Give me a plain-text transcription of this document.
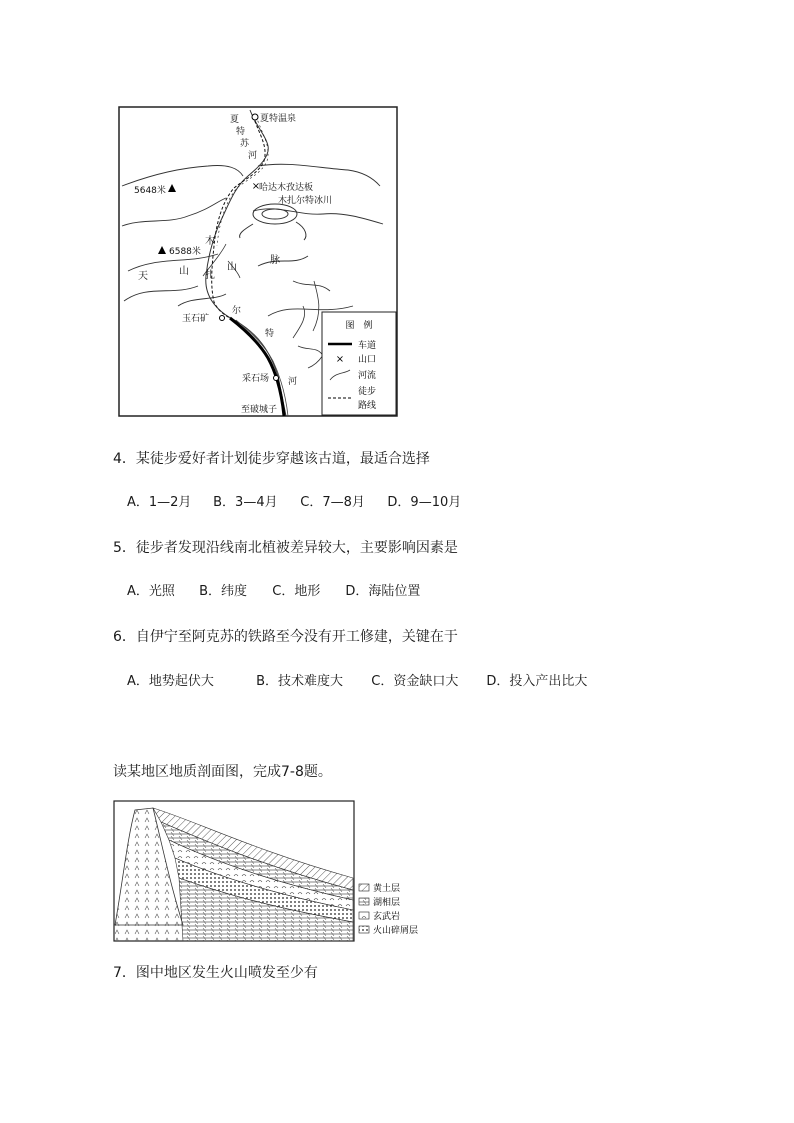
×
夏特温泉
哈达木孜达板
木扎尔特冰川
5648米
6588米
玉石矿
采石场
至破城子
夏
特
苏
河
尔
特
河
天	山
木
扎
山
脉
图　例
车道
× 山口
河流
徒步
路线
4．某徒步爱好者计划徒步穿越该古道，最适合选择
A．1—2月 B．3—4月 C．7—8月 D．9—10月
5．徒步者发现沿线南北植被差异较大，主要影响因素是
A．光照 B．纬度 C．地形 D．海陆位置
6．自伊宁至阿克苏的铁路至今没有开工修建，关键在于
A．地势起伏大	B．技术难度大 C．资金缺口大 D．投入产出比大
读某地区地质剖面图，完成7-8题。
黄土层
湖相层
玄武岩
火山碎屑层
7．图中地区发生火山喷发至少有
